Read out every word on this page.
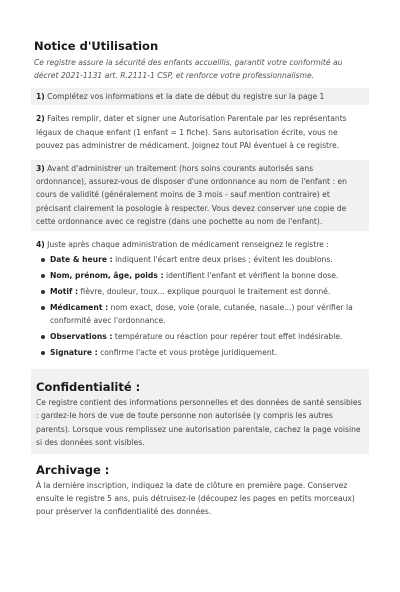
Notice d'Utilisation
Ce registre assure la sécurité des enfants accueillis, garantit votre conformité au décret 2021-1131 art. R.2111-1 CSP, et renforce votre professionnalisme.
1) Complétez vos informations et la date de début du registre sur la page 1
2) Faites remplir, dater et signer une Autorisation Parentale par les représentants légaux de chaque enfant (1 enfant = 1 fiche). Sans autorisation écrite, vous ne pouvez pas administrer de médicament. Joignez tout PAI éventuel à ce registre.
3) Avant d'administrer un traitement (hors soins courants autorisés sans ordonnance), assurez-vous de disposer d'une ordonnance au nom de l'enfant : en cours de validité (généralement moins de 3 mois - sauf mention contraire) et précisant clairement la posologie à respecter. Vous devez conserver une copie de cette ordonnance avec ce registre (dans une pochette au nom de l'enfant).
4) Juste après chaque administration de médicament renseignez le registre :
Date & heure : indiquent l'écart entre deux prises ; évitent les doublons.
Nom, prénom, âge, poids : identifient l'enfant et vérifient la bonne dose.
Motif : fièvre, douleur, toux... explique pourquoi le traitement est donné.
Médicament : nom exact, dose, voie (orale, cutanée, nasale...) pour vérifier la conformité avec l'ordonnance.
Observations : température ou réaction pour repérer tout effet indésirable.
Signature : confirme l'acte et vous protège juridiquement.
Confidentialité :
Ce registre contient des informations personnelles et des données de santé sensibles : gardez-le hors de vue de toute personne non autorisée (y compris les autres parents). Lorsque vous remplissez une autorisation parentale, cachez la page voisine si des données sont visibles.
Archivage :
À la dernière inscription, indiquez la date de clôture en première page. Conservez ensuite le registre 5 ans, puis détruisez-le (découpez les pages en petits morceaux) pour préserver la confidentialité des données.
